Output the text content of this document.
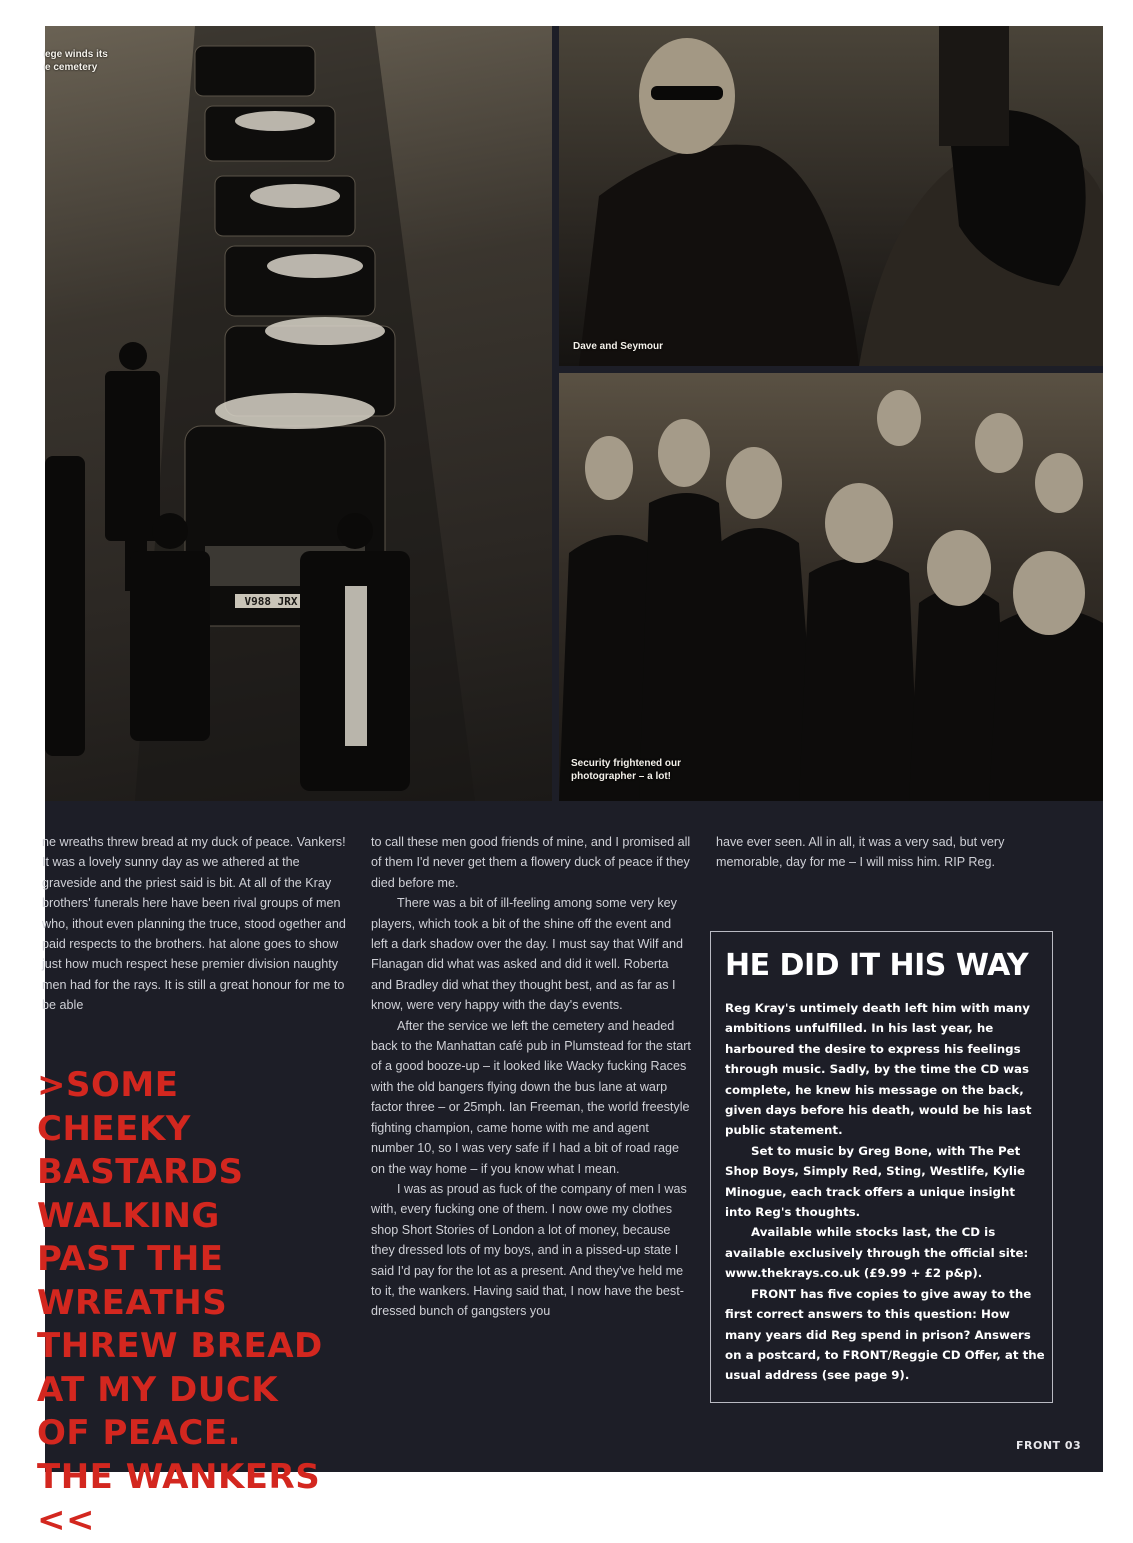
V988 JRX
ege winds its
e cemetery
Dave and Seymour
Security frightened our
photographer – a lot!

ne wreaths threw bread at my duck of peace. Vankers! It was a lovely sunny day as we athered at the graveside and the priest said is bit. At all of the Kray brothers' funerals here have been rival groups of men who, ithout even planning the truce, stood ogether and paid respects to the brothers. hat alone goes to show just how much respect hese premier division naughty men had for the rays. It is still a great honour for me to be able

>SOME CHEEKY BASTARDS WALKING PAST THE WREATHS THREW BREAD AT MY DUCK OF PEACE. THE WANKERS <<

to call these men good friends of mine, and I promised all of them I'd never get them a flowery duck of peace if they died before me.

There was a bit of ill-feeling among some very key players, which took a bit of the shine off the event and left a dark shadow over the day. I must say that Wilf and Flanagan did what was asked and did it well. Roberta and Bradley did what they thought best, and as far as I know, were very happy with the day's events.

After the service we left the cemetery and headed back to the Manhattan café pub in Plumstead for the start of a good booze-up – it looked like Wacky fucking Races with the old bangers flying down the bus lane at warp factor three – or 25mph. Ian Freeman, the world freestyle fighting champion, came home with me and agent number 10, so I was very safe if I had a bit of road rage on the way home – if you know what I mean.

I was as proud as fuck of the company of men I was with, every fucking one of them. I now owe my clothes shop Short Stories of London a lot of money, because they dressed lots of my boys, and in a pissed-up state I said I'd pay for the lot as a present. And they've held me to it, the wankers. Having said that, I now have the best-dressed bunch of gangsters you

have ever seen. All in all, it was a very sad, but very memorable, day for me – I will miss him. RIP Reg.

HE DID IT HIS WAY

Reg Kray's untimely death left him with many ambitions unfulfilled. In his last year, he harboured the desire to express his feelings through music. Sadly, by the time the CD was complete, he knew his message on the back, given days before his death, would be his last public statement.

Set to music by Greg Bone, with The Pet Shop Boys, Simply Red, Sting, Westlife, Kylie Minogue, each track offers a unique insight into Reg's thoughts.

Available while stocks last, the CD is available exclusively through the official site: www.thekrays.co.uk (£9.99 + £2 p&p).

FRONT has five copies to give away to the first correct answers to this question: How many years did Reg spend in prison? Answers on a postcard, to FRONT/Reggie CD Offer, at the usual address (see page 9).

FRONT 03
